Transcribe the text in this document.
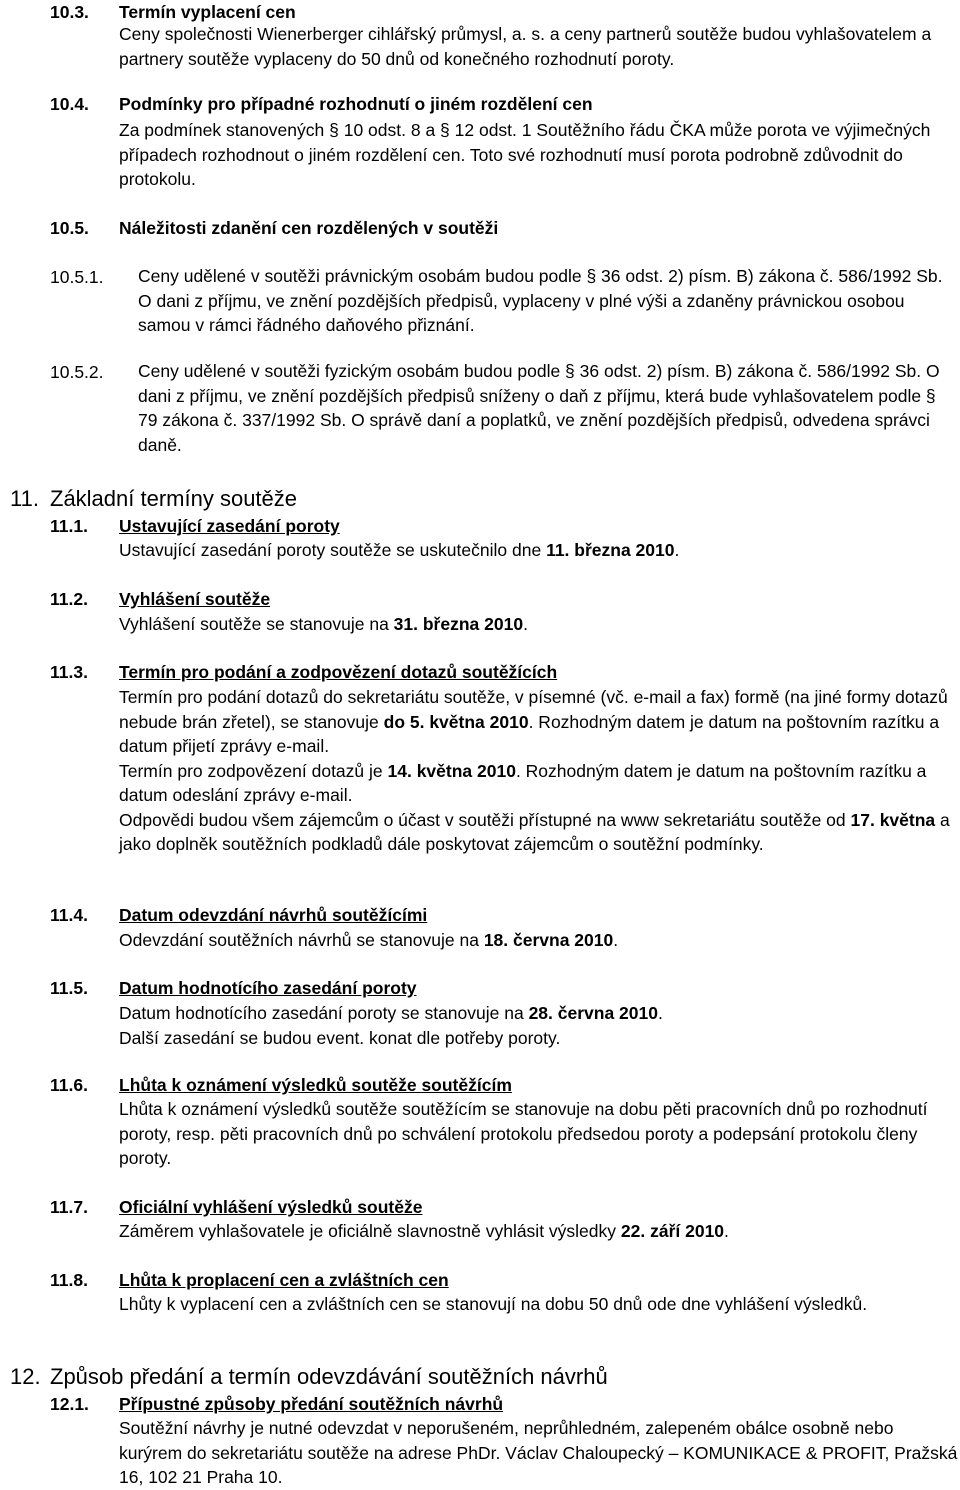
10.3. Termín vyplacení cen

Ceny společnosti Wienerberger cihlářský průmysl, a. s. a ceny partnerů soutěže budou vyhlašovatelem a partnery soutěže vyplaceny do 50 dnů od konečného rozhodnutí poroty.

10.4. Podmínky pro případné rozhodnutí o jiném rozdělení cen

Za podmínek stanovených § 10 odst. 8 a § 12 odst. 1 Soutěžního řádu ČKA může porota ve výjimečných případech rozhodnout o jiném rozdělení cen. Toto své rozhodnutí musí porota podrobně zdůvodnit do protokolu.

10.5. Náležitosti zdanění cen rozdělených v soutěži
10.5.1. Ceny udělené v soutěži právnickým osobám budou podle § 36 odst. 2) písm. B) zákona č. 586/1992 Sb. O dani z příjmu, ve znění pozdějších předpisů, vyplaceny v plné výši a zdaněny právnickou osobou samou v rámci řádného daňového přiznání.
10.5.2. Ceny udělené v soutěži fyzickým osobám budou podle § 36 odst. 2) písm. B) zákona č. 586/1992 Sb. O dani z příjmu, ve znění pozdějších předpisů sníženy o daň z příjmu, která bude vyhlašovatelem podle § 79 zákona č. 337/1992 Sb. O správě daní a poplatků, ve znění pozdějších předpisů, odvedena správci daně.
11. Základní termíny soutěže
11.1. Ustavující zasedání poroty

Ustavující zasedání poroty soutěže se uskutečnilo dne 11. března 2010.

11.2. Vyhlášení soutěže

Vyhlášení soutěže se stanovuje na 31. března 2010.

11.3. Termín pro podání a zodpovězení dotazů soutěžících

Termín pro podání dotazů do sekretariátu soutěže, v písemné (vč. e-mail a fax) formě (na jiné formy dotazů nebude brán zřetel), se stanovuje do 5. května 2010. Rozhodným datem je datum na poštovním razítku a datum přijetí zprávy e-mail.

Termín pro zodpovězení dotazů je 14. května 2010. Rozhodným datem je datum na poštovním razítku a datum odeslání zprávy e-mail.

Odpovědi budou všem zájemcům o účast v soutěži přístupné na www sekretariátu soutěže od 17. května a jako doplněk soutěžních podkladů dále poskytovat zájemcům o soutěžní podmínky.

11.4. Datum odevzdání návrhů soutěžícími

Odevzdání soutěžních návrhů se stanovuje na 18. června 2010.

11.5. Datum hodnotícího zasedání poroty

Datum hodnotícího zasedání poroty se stanovuje na 28. června 2010.

Další zasedání se budou event. konat dle potřeby poroty.

11.6. Lhůta k oznámení výsledků soutěže soutěžícím

Lhůta k oznámení výsledků soutěže soutěžícím se stanovuje na dobu pěti pracovních dnů po rozhodnutí poroty, resp. pěti pracovních dnů po schválení protokolu předsedou poroty a podepsání protokolu členy poroty.

11.7. Oficiální vyhlášení výsledků soutěže

Záměrem vyhlašovatele je oficiálně slavnostně vyhlásit výsledky 22. září 2010.

11.8. Lhůta k proplacení cen a zvláštních cen

Lhůty k vyplacení cen a zvláštních cen se stanovují na dobu 50 dnů ode dne vyhlášení výsledků.

12. Způsob předání a termín odevzdávání soutěžních návrhů
12.1. Přípustné způsoby předání soutěžních návrhů

Soutěžní návrhy je nutné odevzdat v neporušeném, neprůhledném, zalepeném obálce osobně nebo kurýrem do sekretariátu soutěže na adrese PhDr. Václav Chaloupecký – KOMUNIKACE & PROFIT, Pražská 16, 102 21 Praha 10.
